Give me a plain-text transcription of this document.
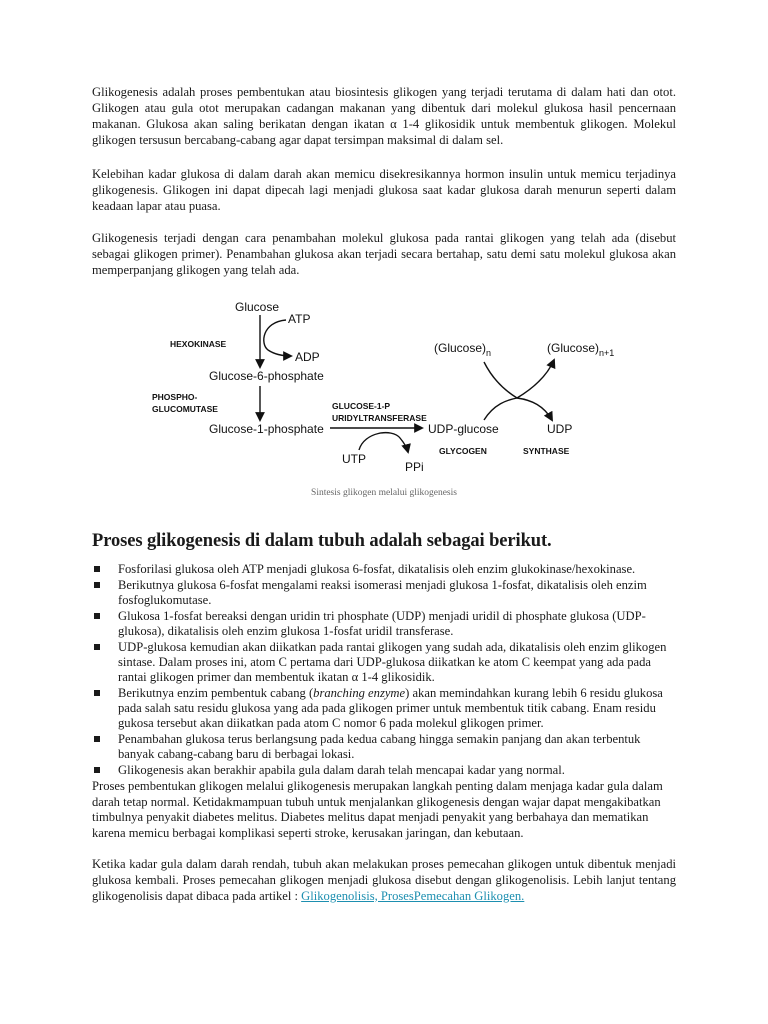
Glikogenesis adalah proses pembentukan atau biosintesis glikogen yang terjadi terutama di dalam hati dan otot. Glikogen atau gula otot merupakan cadangan makanan yang dibentuk dari molekul glukosa hasil pencernaan makanan. Glukosa akan saling berikatan dengan ikatan α 1-4 glikosidik untuk membentuk glikogen. Molekul glikogen tersusun bercabang-cabang agar dapat tersimpan maksimal di dalam sel.

Kelebihan kadar glukosa di dalam darah akan memicu disekresikannya hormon insulin untuk memicu terjadinya glikogenesis. Glikogen ini dapat dipecah lagi menjadi glukosa saat kadar glukosa darah menurun seperti dalam keadaan lapar atau puasa.

Glikogenesis terjadi dengan cara penambahan molekul glukosa pada rantai glikogen yang telah ada (disebut sebagai glikogen primer). Penambahan glukosa akan terjadi secara bertahap, satu demi satu molekul glukosa akan memperpanjang glikogen yang telah ada.

Glucose
ATP
HEXOKINASE
ADP
Glucose-6-phosphate
PHOSPHO-
GLUCOMUTASE
Glucose-1-phosphate
GLUCOSE-1-P
URIDYLTRANSFERASE
UTP
PPi
$(Glucose)_n$	$(Glucose)_{n+1}$
UDP-glucose	UDP
GLYCOGEN	SYNTHASE
Sintesis glikogen melalui glikogenesis
Proses glikogenesis di dalam tubuh adalah sebagai berikut.
Fosforilasi glukosa oleh ATP menjadi glukosa 6-fosfat, dikatalisis oleh enzim glukokinase/hexokinase.
Berikutnya glukosa 6-fosfat mengalami reaksi isomerasi menjadi glukosa 1-fosfat, dikatalisis oleh enzim fosfoglukomutase.
Glukosa 1-fosfat bereaksi dengan uridin tri phosphate (UDP) menjadi uridil di phosphate glukosa (UDP-glukosa), dikatalisis oleh enzim glukosa 1-fosfat uridil transferase.
UDP-glukosa kemudian akan diikatkan pada rantai glikogen yang sudah ada, dikatalisis oleh enzim glikogen sintase. Dalam proses ini, atom C pertama dari UDP-glukosa diikatkan ke atom C keempat yang ada pada rantai glikogen primer dan membentuk ikatan α 1-4 glikosidik.
Berikutnya enzim pembentuk cabang (branching enzyme) akan memindahkan kurang lebih 6 residu glukosa pada salah satu residu glukosa yang ada pada glikogen primer untuk membentuk titik cabang. Enam residu gukosa tersebut akan diikatkan pada atom C nomor 6 pada molekul glikogen primer.
Penambahan glukosa terus berlangsung pada kedua cabang hingga semakin panjang dan akan terbentuk banyak cabang-cabang baru di berbagai lokasi.
Glikogenesis akan berakhir apabila gula dalam darah telah mencapai kadar yang normal.

Proses pembentukan glikogen melalui glikogenesis merupakan langkah penting dalam menjaga kadar gula dalam darah tetap normal. Ketidakmampuan tubuh untuk menjalankan glikogenesis dengan wajar dapat mengakibatkan timbulnya penyakit diabetes melitus. Diabetes melitus dapat menjadi penyakit yang berbahaya dan mematikan karena memicu berbagai komplikasi seperti stroke, kerusakan jaringan, dan kebutaan.

Ketika kadar gula dalam darah rendah, tubuh akan melakukan proses pemecahan glikogen untuk dibentuk menjadi glukosa kembali. Proses pemecahan glikogen menjadi glukosa disebut dengan glikogenolisis. Lebih lanjut tentang glikogenolisis dapat dibaca pada artikel : Glikogenolisis, ProsesPemecahan Glikogen.
